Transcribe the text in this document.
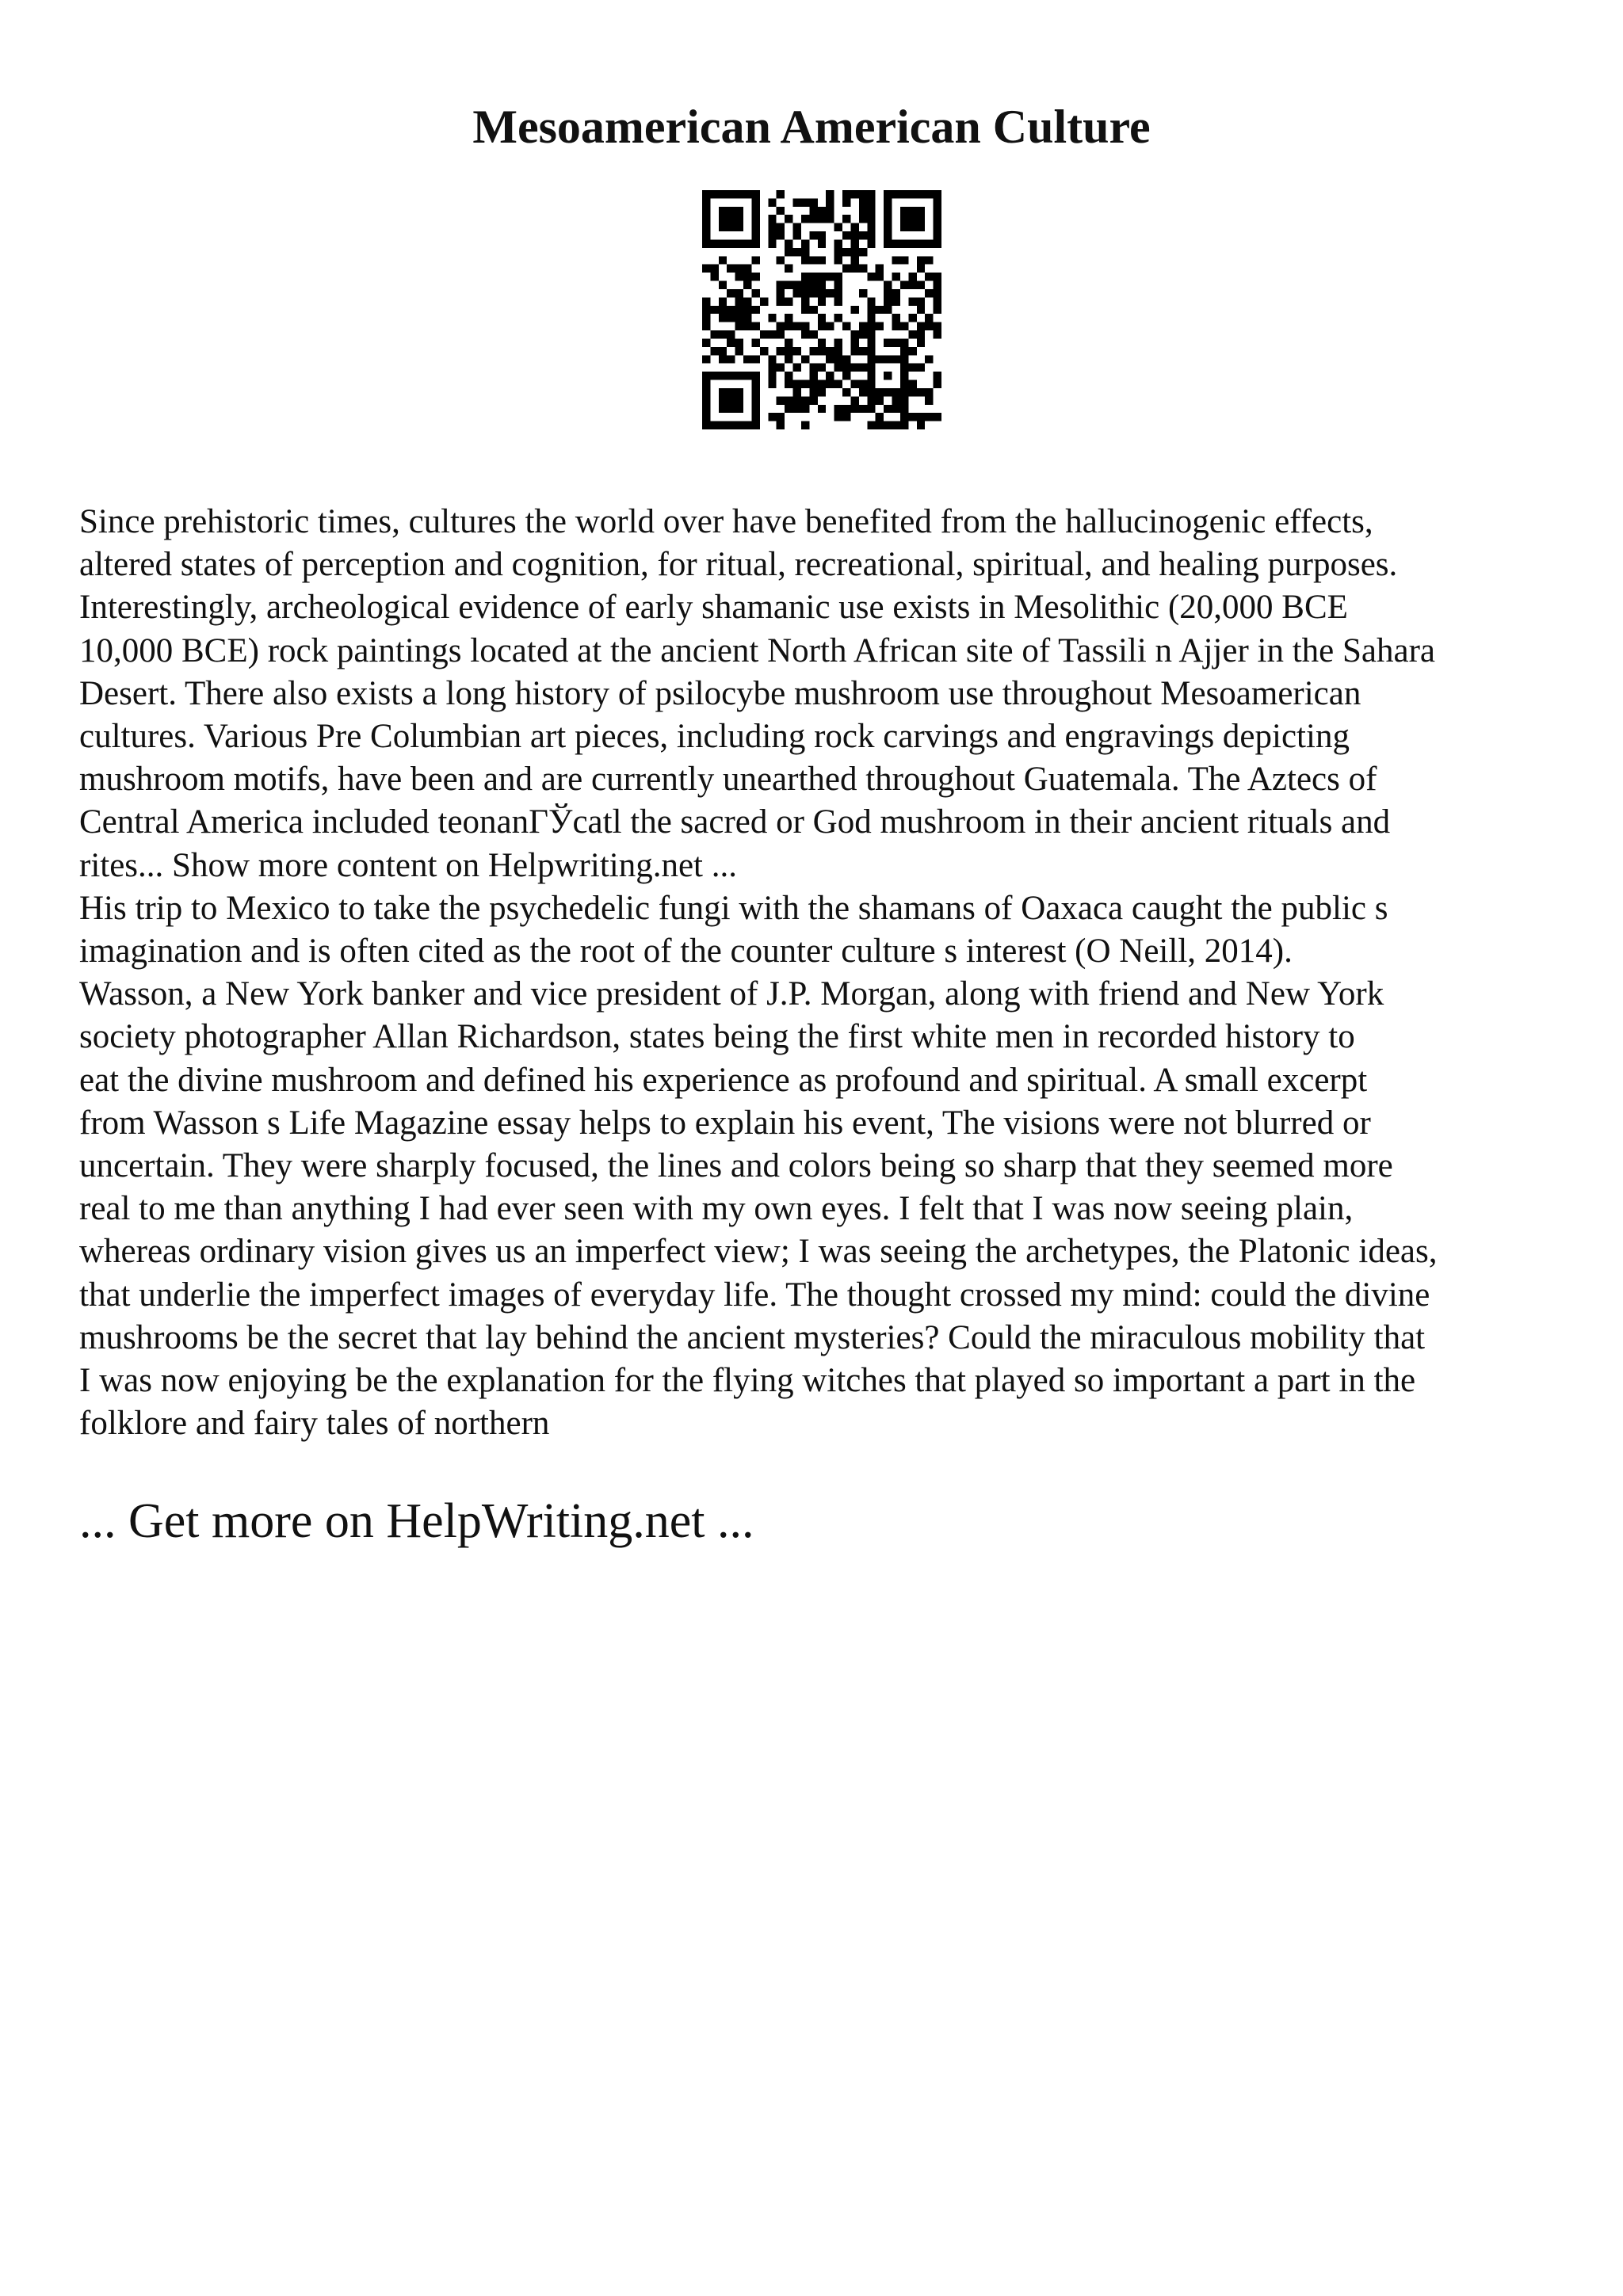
Mesoamerican American Culture
Since prehistoric times, cultures the world over have benefited from the hallucinogenic effects,
altered states of perception and cognition, for ritual, recreational, spiritual, and healing purposes.
Interestingly, archeological evidence of early shamanic use exists in Mesolithic (20,000 BCE
10,000 BCE) rock paintings located at the ancient North African site of Tassili n Ajjer in the Sahara
Desert. There also exists a long history of psilocybe mushroom use throughout Mesoamerican
cultures. Various Pre Columbian art pieces, including rock carvings and engravings depicting
mushroom motifs, have been and are currently unearthed throughout Guatemala. The Aztecs of
Central America included teonanГЎcatl the sacred or God mushroom in their ancient rituals and
rites... Show more content on Helpwriting.net ...
His trip to Mexico to take the psychedelic fungi with the shamans of Oaxaca caught the public s
imagination and is often cited as the root of the counter culture s interest (O Neill, 2014).
Wasson, a New York banker and vice president of J.P. Morgan, along with friend and New York
society photographer Allan Richardson, states being the first white men in recorded history to
eat the divine mushroom and defined his experience as profound and spiritual. A small excerpt
from Wasson s Life Magazine essay helps to explain his event, The visions were not blurred or
uncertain. They were sharply focused, the lines and colors being so sharp that they seemed more
real to me than anything I had ever seen with my own eyes. I felt that I was now seeing plain,
whereas ordinary vision gives us an imperfect view; I was seeing the archetypes, the Platonic ideas,
that underlie the imperfect images of everyday life. The thought crossed my mind: could the divine
mushrooms be the secret that lay behind the ancient mysteries? Could the miraculous mobility that
I was now enjoying be the explanation for the flying witches that played so important a part in the
folklore and fairy tales of northern
... Get more on HelpWriting.net ...
